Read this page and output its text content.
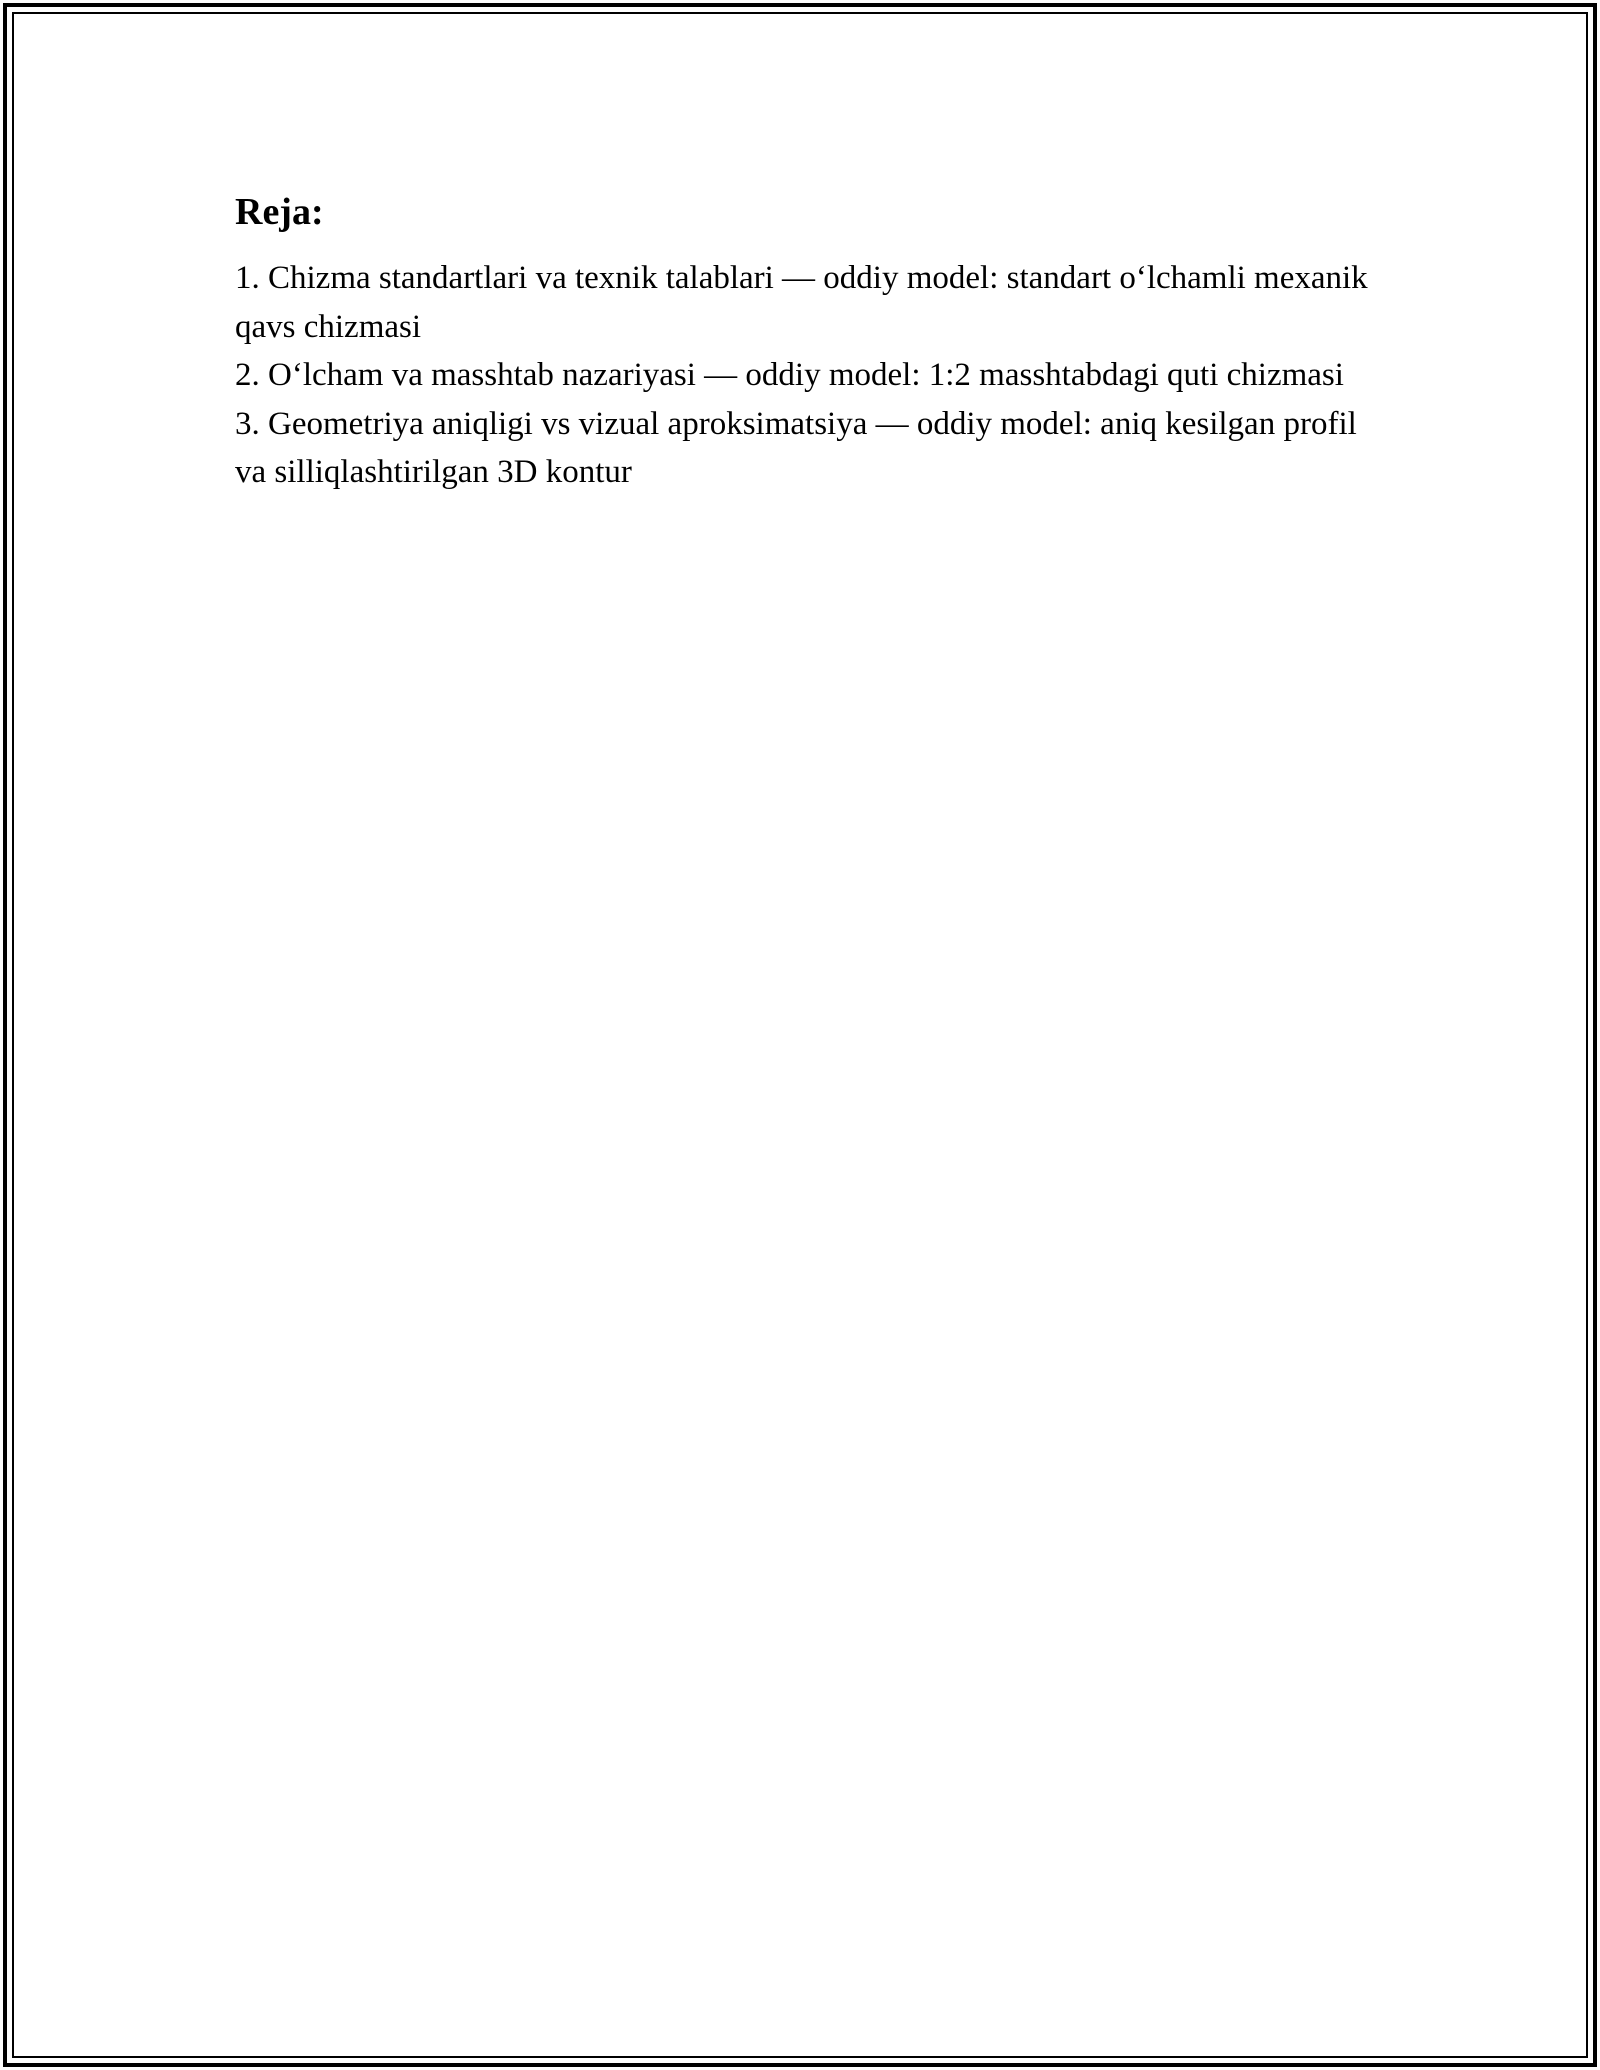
Reja:
1. Chizma standartlari va texnik talablari — oddiy model: standart o‘lchamli mexanik qavs chizmasi
2. O‘lcham va masshtab nazariyasi — oddiy model: 1:2 masshtabdagi quti chizmasi
3. Geometriya aniqligi vs vizual aproksimatsiya — oddiy model: aniq kesilgan profil va silliqlashtirilgan 3D kontur
